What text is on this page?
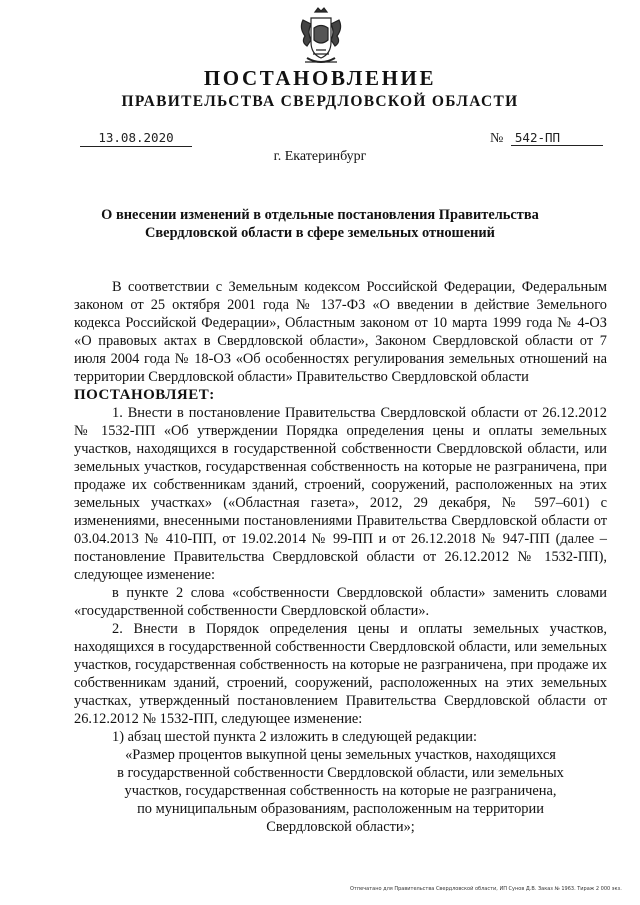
ПОСТАНОВЛЕНИЕ
ПРАВИТЕЛЬСТВА СВЕРДЛОВСКОЙ ОБЛАСТИ
13.08.2020	№ 542-ПП
г. Екатеринбург
О внесении изменений в отдельные постановления Правительства
Свердловской области в сфере земельных отношений

В соответствии с Земельным кодексом Российской Федерации, Федеральным законом от 25 октября 2001 года № 137-ФЗ «О введении в действие Земельного кодекса Российской Федерации», Областным законом от 10 марта 1999 года № 4-ОЗ «О правовых актах в Свердловской области», Законом Свердловской области от 7 июля 2004 года № 18-ОЗ «Об особенностях регулирования земельных отношений на территории Свердловской области» Правительство Свердловской области

ПОСТАНОВЛЯЕТ:

1. Внести в постановление Правительства Свердловской области от 26.12.2012 № 1532-ПП «Об утверждении Порядка определения цены и оплаты земельных участков, находящихся в государственной собственности Свердловской области, или земельных участков, государственная собственность на которые не разграничена, при продаже их собственникам зданий, строений, сооружений, расположенных на этих земельных участках» («Областная газета», 2012, 29 декабря, № 597–601) с изменениями, внесенными постановлениями Правительства Свердловской области от 03.04.2013 № 410-ПП, от 19.02.2014 № 99-ПП и от 26.12.2018 № 947-ПП (далее – постановление Правительства Свердловской области от 26.12.2012 № 1532-ПП), следующее изменение:

в пункте 2 слова «собственности Свердловской области» заменить словами «государственной собственности Свердловской области».

2. Внести в Порядок определения цены и оплаты земельных участков, находящихся в государственной собственности Свердловской области, или земельных участков, государственная собственность на которые не разграничена, при продаже их собственникам зданий, строений, сооружений, расположенных на этих земельных участках, утвержденный постановлением Правительства Свердловской области от 26.12.2012 № 1532-ПП, следующее изменение:

1) абзац шестой пункта 2 изложить в следующей редакции:

«Размер процентов выкупной цены земельных участков, находящихся
в государственной собственности Свердловской области, или земельных
участков, государственная собственность на которые не разграничена,
по муниципальным образованиям, расположенным на территории
Свердловской области»;
Отпечатано для Правительства Свердловской области, ИП Сунов Д.В. Заказ № 1963. Тираж 2 000 экз.
